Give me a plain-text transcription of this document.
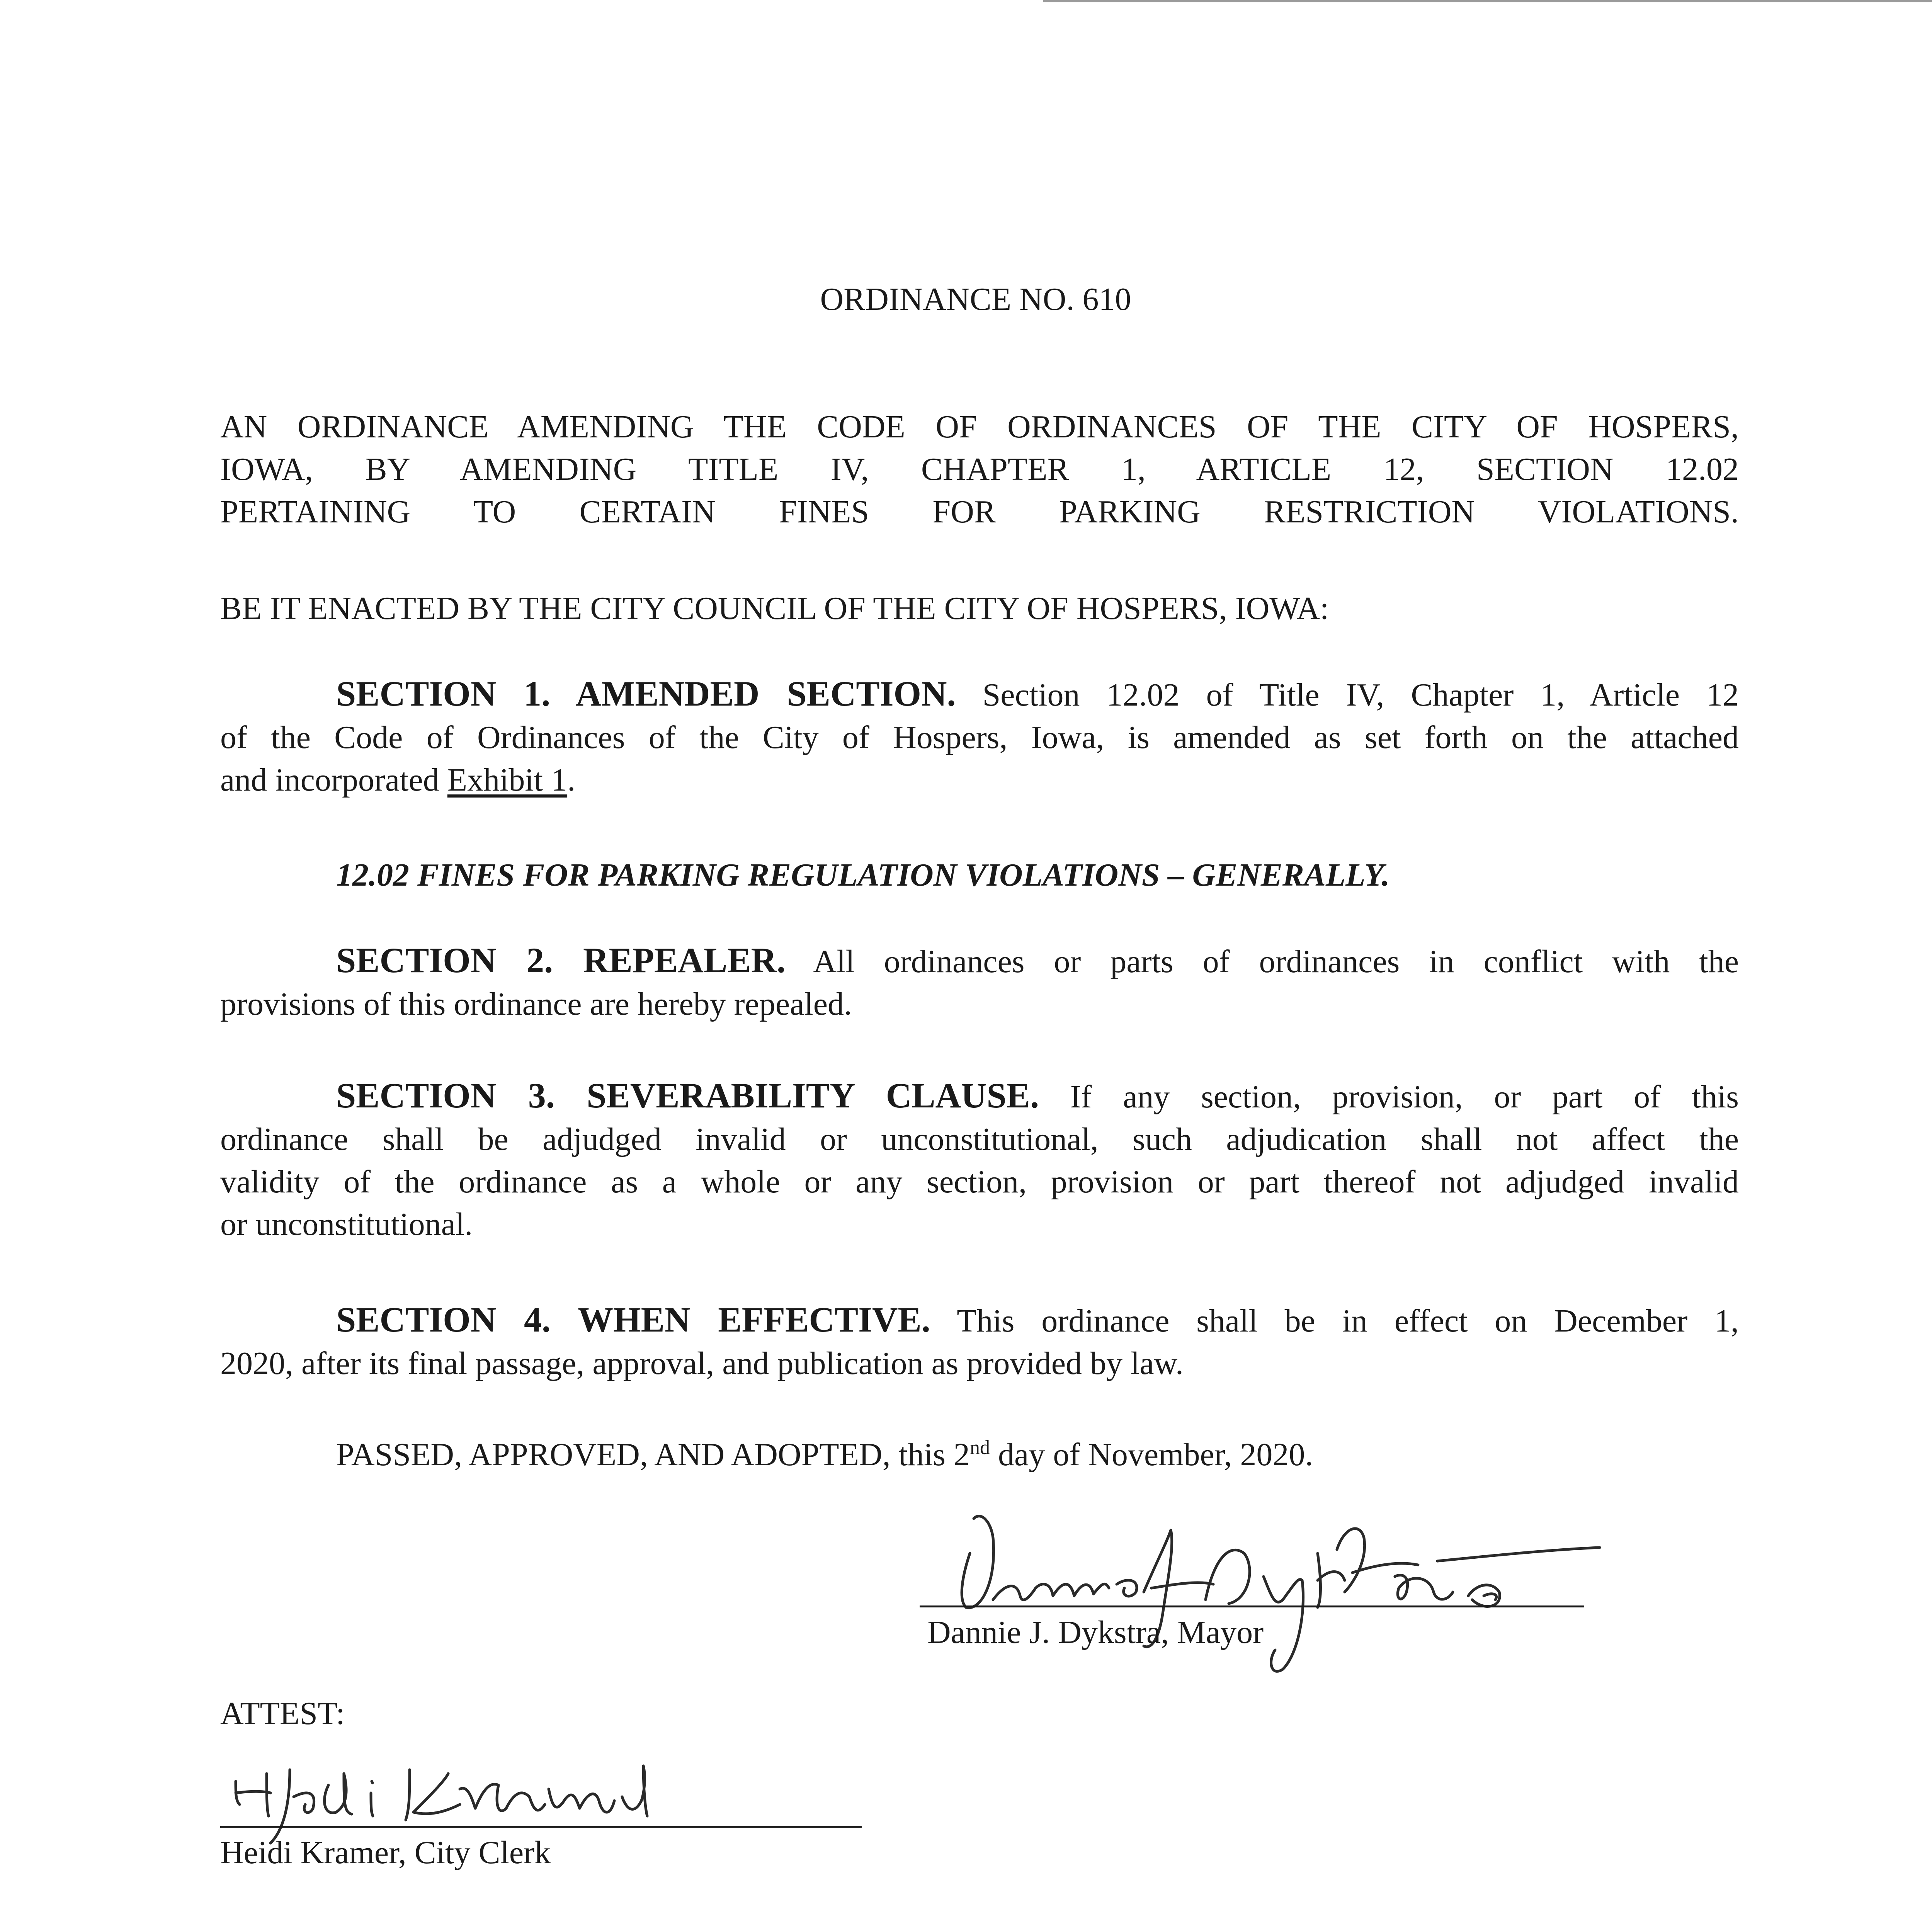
ORDINANCE NO. 610
AN ORDINANCE AMENDING THE CODE OF ORDINANCES OF THE CITY OF HOSPERS,
IOWA, BY AMENDING TITLE IV, CHAPTER 1, ARTICLE 12, SECTION 12.02
PERTAINING TO CERTAIN FINES FOR PARKING RESTRICTION VIOLATIONS.
BE IT ENACTED BY THE CITY COUNCIL OF THE CITY OF HOSPERS, IOWA:
SECTION 1. AMENDED SECTION. Section 12.02 of Title IV, Chapter 1, Article 12
of the Code of Ordinances of the City of Hospers, Iowa, is amended as set forth on the attached
and incorporated Exhibit 1.
12.02 FINES FOR PARKING REGULATION VIOLATIONS – GENERALLY.
SECTION 2. REPEALER. All ordinances or parts of ordinances in conflict with the
provisions of this ordinance are hereby repealed.
SECTION 3. SEVERABILITY CLAUSE. If any section, provision, or part of this
ordinance shall be adjudged invalid or unconstitutional, such adjudication shall not affect the
validity of the ordinance as a whole or any section, provision or part thereof not adjudged invalid
or unconstitutional.
SECTION 4. WHEN EFFECTIVE. This ordinance shall be in effect on December 1,
2020, after its final passage, approval, and publication as provided by law.
PASSED, APPROVED, AND ADOPTED, this 2nd day of November, 2020.
Dannie J. Dykstra, Mayor
ATTEST:
Heidi Kramer, City Clerk
